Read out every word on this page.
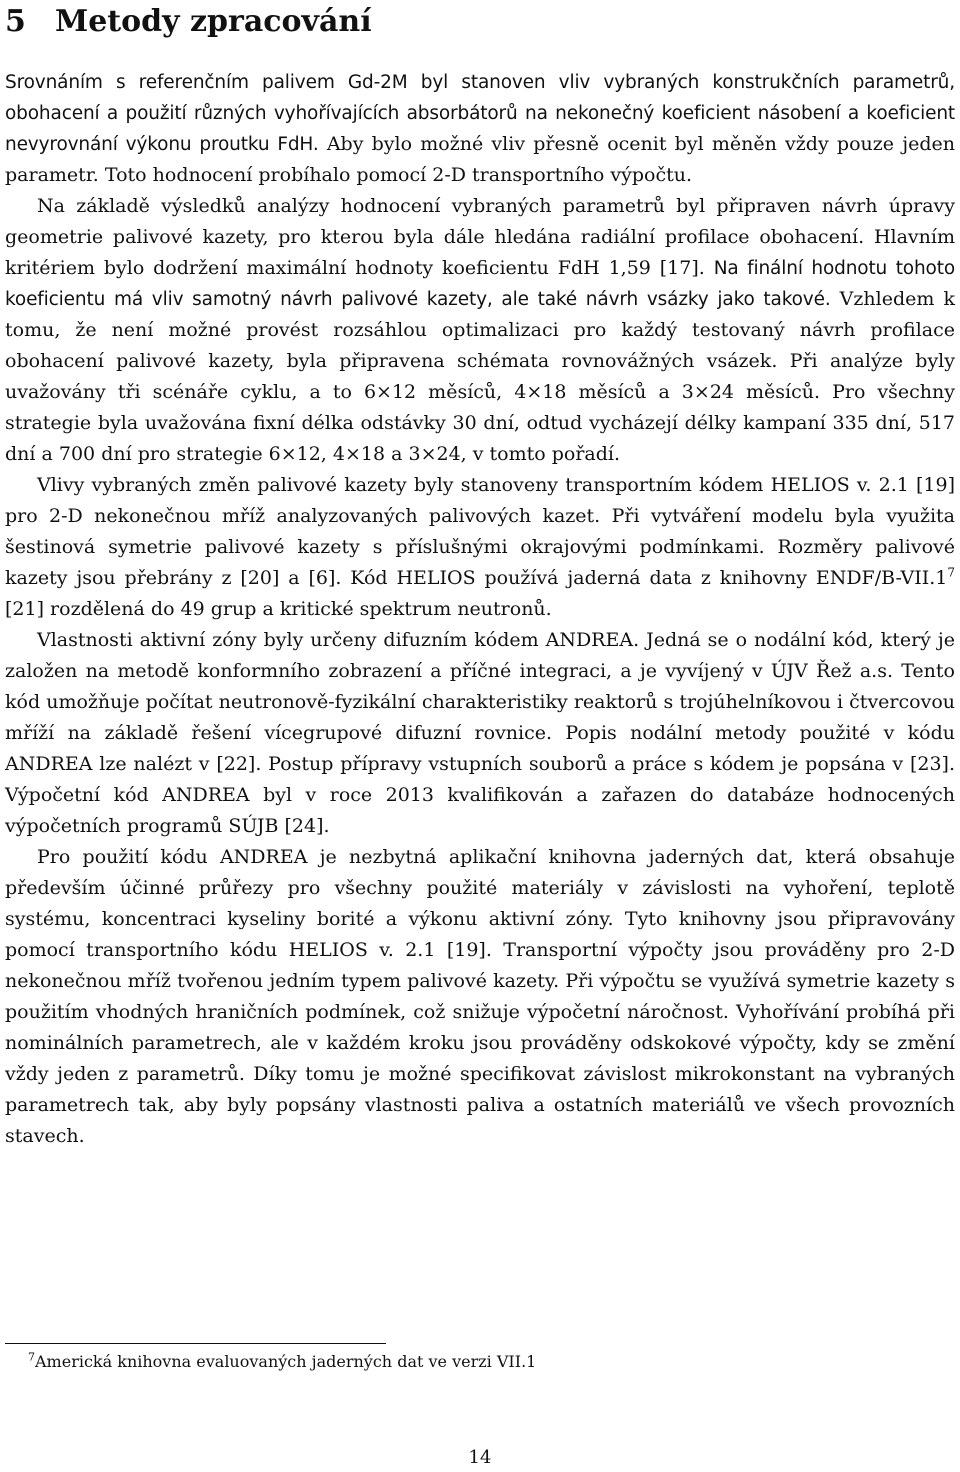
5 Metody zpracování

Srovnáním s referenčním palivem Gd-2M byl stanoven vliv vybraných konstrukčních parametrů, obohacení a použití různých vyhořívajících absorbátorů na nekonečný koeficient násobení a koeficient nevyrovnání výkonu proutku FdH. Aby bylo možné vliv přesně ocenit byl měněn vždy pouze jeden parametr. Toto hodnocení probíhalo pomocí 2-D transportního výpočtu.

Na základě výsledků analýzy hodnocení vybraných parametrů byl připraven návrh úpravy geometrie palivové kazety, pro kterou byla dále hledána radiální profilace obohacení. Hlavním kritériem bylo dodržení maximální hodnoty koeficientu FdH 1,59 [17]. Na finální hodnotu tohoto koeficientu má vliv samotný návrh palivové kazety, ale také návrh vsázky jako takové. Vzhledem k tomu, že není možné provést rozsáhlou optimalizaci pro každý testovaný návrh profilace obohacení palivové kazety, byla připravena schémata rovnovážných vsázek. Při analýze byly uvažovány tři scénáře cyklu, a to 6×12 měsíců, 4×18 měsíců a 3×24 měsíců. Pro všechny strategie byla uvažována fixní délka odstávky 30 dní, odtud vycházejí délky kampaní 335 dní, 517 dní a 700 dní pro strategie 6×12, 4×18 a 3×24, v tomto pořadí.

Vlivy vybraných změn palivové kazety byly stanoveny transportním kódem HELIOS v. 2.1 [19] pro 2-D nekonečnou mříž analyzovaných palivových kazet. Při vytváření modelu byla využita šestinová symetrie palivové kazety s příslušnými okrajovými podmínkami. Rozměry palivové kazety jsou přebrány z [20] a [6]. Kód HELIOS používá jaderná data z knihovny ENDF/B-VII.1$^7$ [21] rozdělená do 49 grup a kritické spektrum neutronů.

Vlastnosti aktivní zóny byly určeny difuzním kódem ANDREA. Jedná se o nodální kód, který je založen na metodě konformního zobrazení a příčné integraci, a je vyvíjený v ÚJV Řež a.s. Tento kód umožňuje počítat neutronově-fyzikální charakteristiky reaktorů s trojúhelníkovou i čtvercovou mříží na základě řešení vícegrupové difuzní rovnice. Popis nodální metody použité v kódu ANDREA lze nalézt v [22]. Postup přípravy vstupních souborů a práce s kódem je popsána v [23]. Výpočetní kód ANDREA byl v roce 2013 kvalifikován a zařazen do databáze hodnocených výpočetních programů SÚJB [24].

Pro použití kódu ANDREA je nezbytná aplikační knihovna jaderných dat, která obsahuje především účinné průřezy pro všechny použité materiály v závislosti na vyhoření, teplotě systému, koncentraci kyseliny borité a výkonu aktivní zóny. Tyto knihovny jsou připravovány pomocí transportního kódu HELIOS v. 2.1 [19]. Transportní výpočty jsou prováděny pro 2-D nekonečnou mříž tvořenou jedním typem palivové kazety. Při výpočtu se využívá symetrie kazety s použitím vhodných hraničních podmínek, což snižuje výpočetní náročnost. Vyhořívání probíhá při nominálních parametrech, ale v každém kroku jsou prováděny odskokové výpočty, kdy se změní vždy jeden z parametrů. Díky tomu je možné specifikovat závislost mikrokonstant na vybraných parametrech tak, aby byly popsány vlastnosti paliva a ostatních materiálů ve všech provozních stavech.

$^7$Americká knihovna evaluovaných jaderných dat ve verzi VII.1
14
